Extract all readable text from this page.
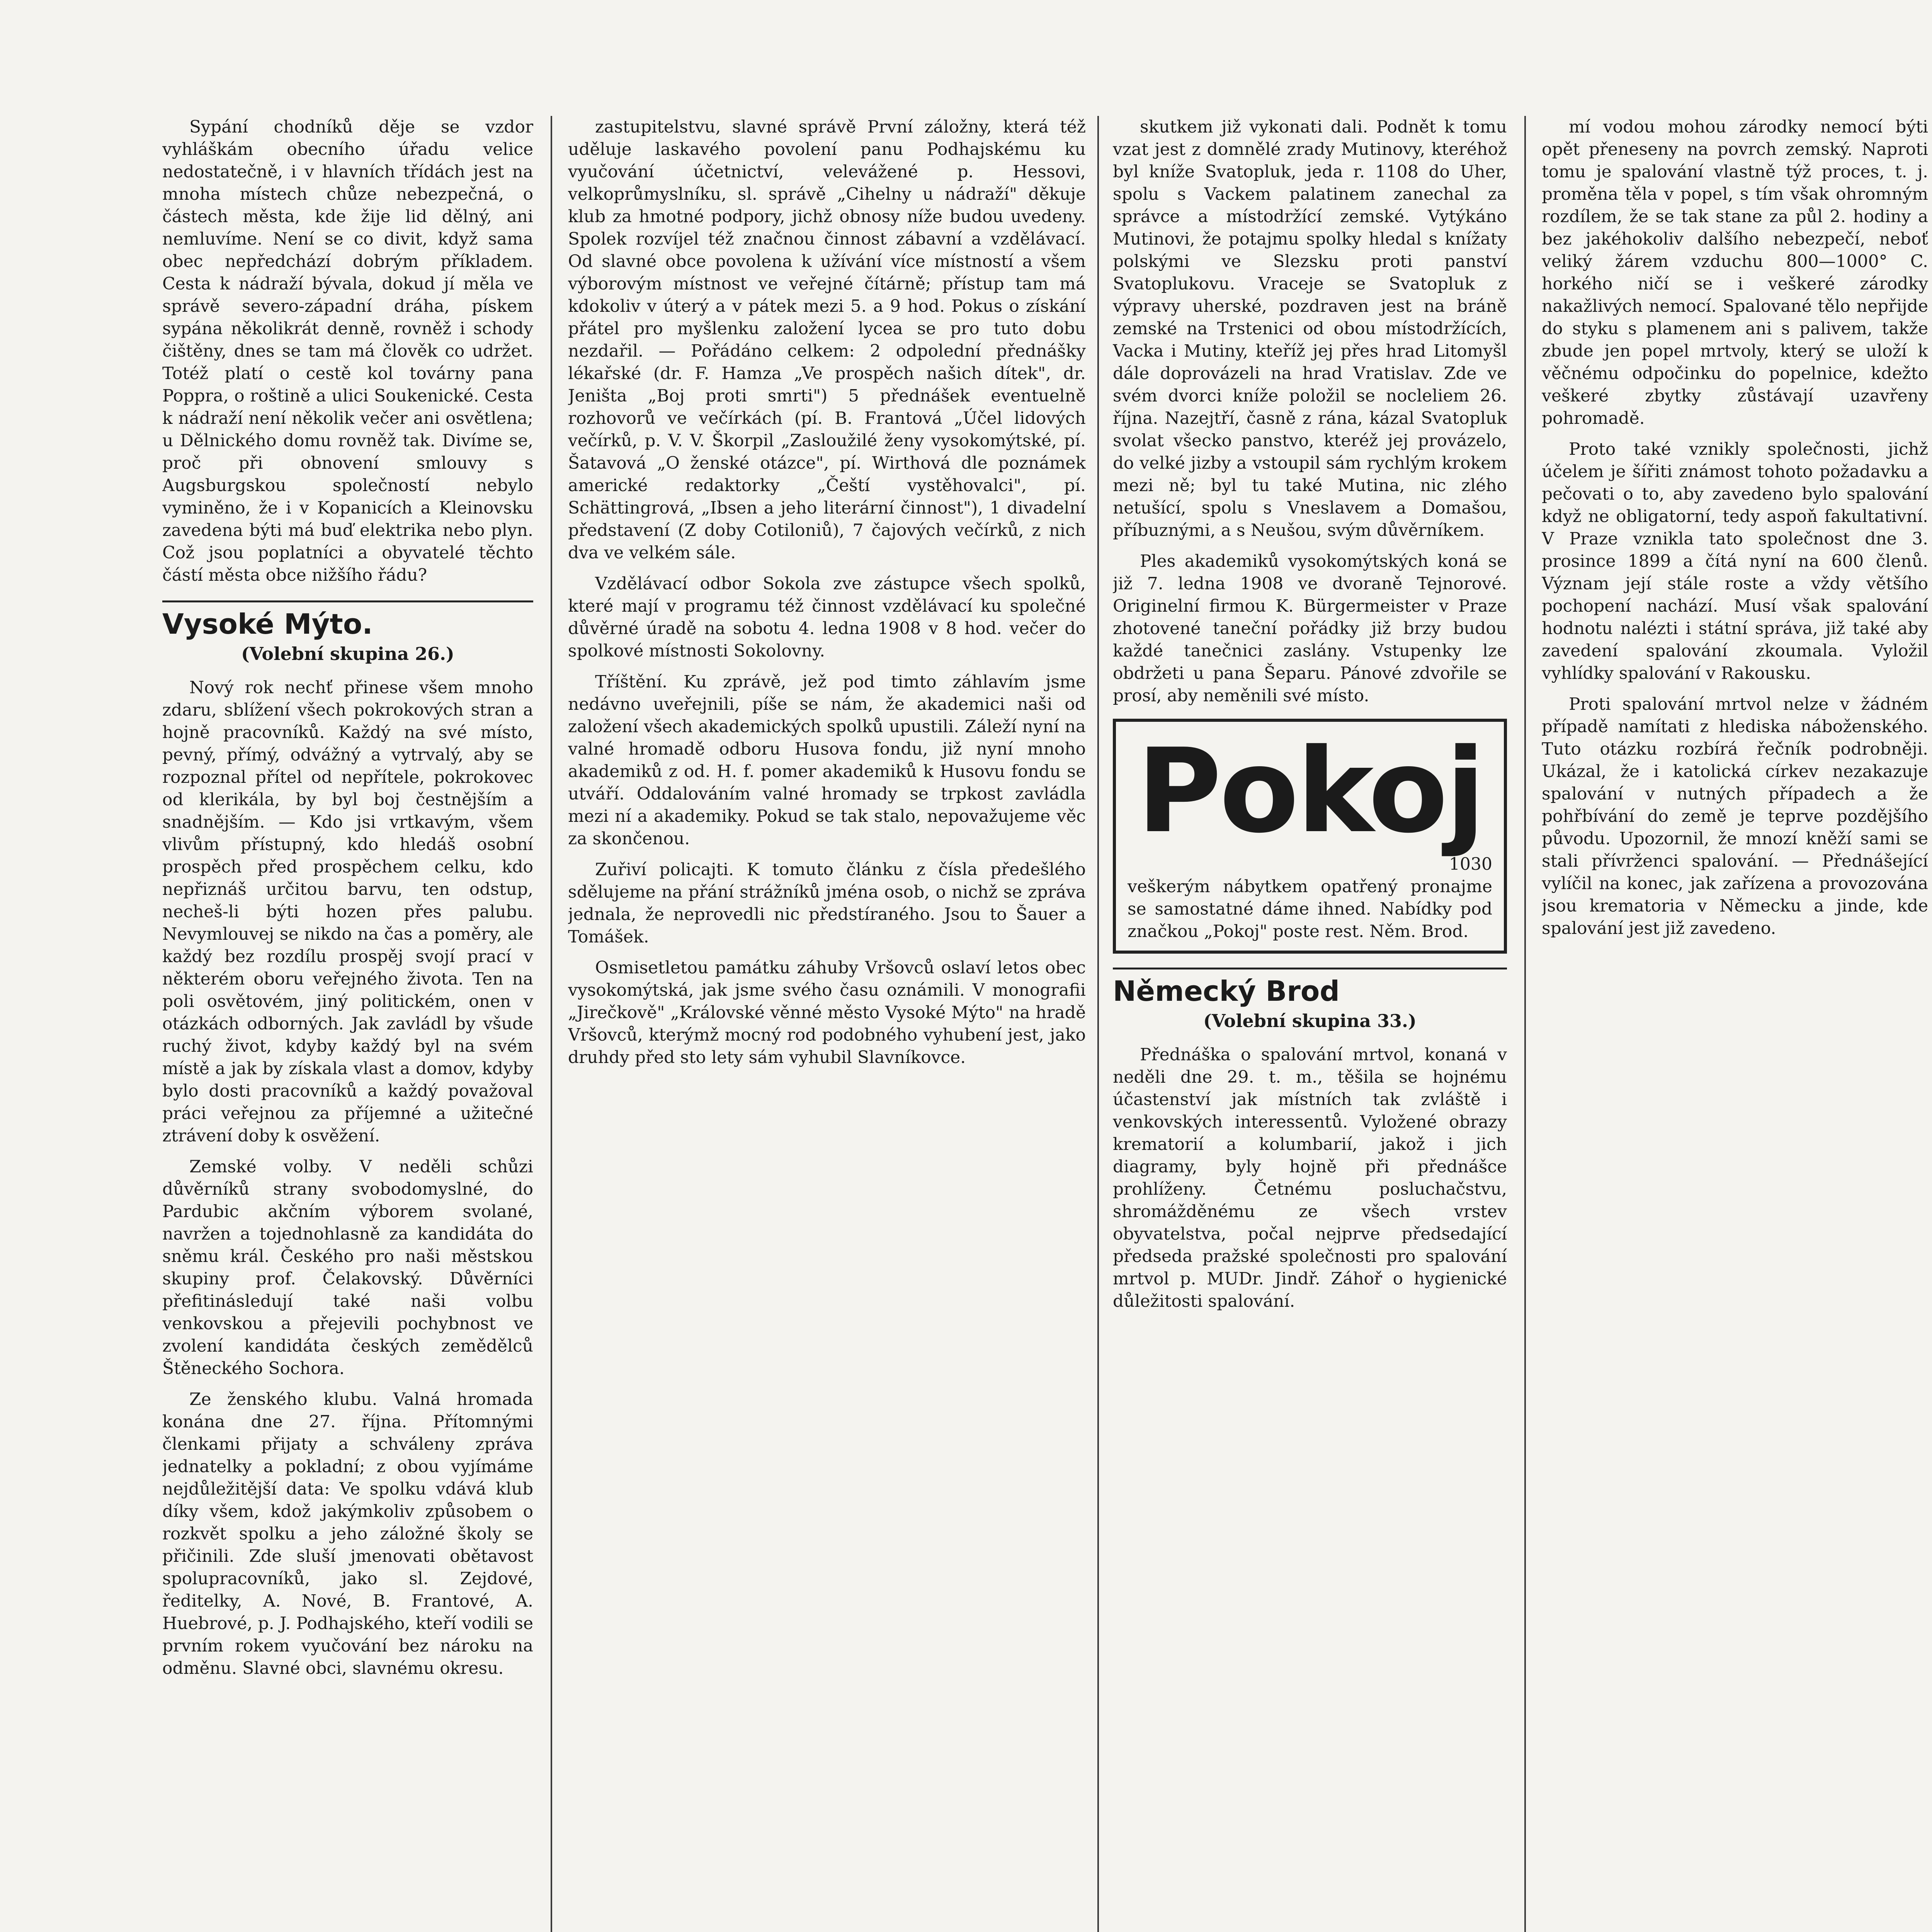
Sypání chodníků děje se vzdor vyhláškám obecního úřadu velice nedostatečně, i v hlavních třídách jest na mnoha místech chůze nebezpečná, o částech města, kde žije lid dělný, ani nemluvíme. Není se co divit, když sama obec nepředchází dobrým příkladem. Cesta k nádraží bývala, dokud jí měla ve správě severo-západní dráha, pískem sypána několikrát denně, rovněž i schody čištěny, dnes se tam má člověk co udržet. Totéž platí o cestě kol továrny pana Poppra, o roštině a ulici Soukenické. Cesta k nádraží není několik večer ani osvětlena; u Dělnického domu rovněž tak. Divíme se, proč při obnovení smlouvy s Augsburgskou společností nebylo vyminěno, že i v Kopanicích a Kleinovsku zavedena býti má buď elektrika nebo plyn. Což jsou poplatníci a obyvatelé těchto částí města obce nižšího řádu?

Vysoké Mýto.
(Volební skupina 26.)

Nový rok nechť přinese všem mnoho zdaru, sblížení všech pokrokových stran a hojně pracovníků. Každý na své místo, pevný, přímý, odvážný a vytrvalý, aby se rozpoznal přítel od nepřítele, pokrokovec od klerikála, by byl boj čestnějším a snadnějším. — Kdo jsi vrtkavým, všem vlivům přístupný, kdo hledáš osobní prospěch před prospěchem celku, kdo nepřiznáš určitou barvu, ten odstup, necheš-li býti hozen přes palubu. Nevymlouvej se nikdo na čas a poměry, ale každý bez rozdílu prospěj svojí prací v některém oboru veřejného života. Ten na poli osvětovém, jiný politickém, onen v otázkách odborných. Jak zavládl by všude ruchý život, kdyby každý byl na svém místě a jak by získala vlast a domov, kdyby bylo dosti pracovníků a každý považoval práci veřejnou za příjemné a užitečné ztrávení doby k osvěžení.

Zemské volby. V neděli schůzi důvěrníků strany svobodomyslné, do Pardubic akčním výborem svolané, navržen a tojednohlasně za kandidáta do sněmu král. Českého pro naši městskou skupiny prof. Čelakovský. Důvěrníci přefitinásledují také naši volbu venkovskou a přejevili pochybnost ve zvolení kandidáta českých zemědělců Štěneckého Sochora.

Ze ženského klubu. Valná hromada konána dne 27. října. Přítomnými členkami přijaty a schváleny zpráva jednatelky a pokladní; z obou vyjímáme nejdůležitější data: Ve spolku vdává klub díky všem, kdož jakýmkoliv způsobem o rozkvět spolku a jeho záložné školy se přičinili. Zde sluší jmenovati obětavost spolupracovníků, jako sl. Zejdové, ředitelky, A. Nové, B. Frantové, A. Huebrové, p. J. Podhajského, kteří vodili se prvním rokem vyučování bez nároku na odměnu. Slavné obci, slavnému okresu.

zastupitelstvu, slavné správě První záložny, která též uděluje laskavého povolení panu Podhajskému ku vyučování účetnictví, velevážené p. Hessovi, velkoprůmyslníku, sl. správě „Cihelny u nádraží" děkuje klub za hmotné podpory, jichž obnosy níže budou uvedeny. Spolek rozvíjel též značnou činnost zábavní a vzdělávací. Od slavné obce povolena k užívání více místností a všem výborovým místnost ve veřejné čítárně; přístup tam má kdokoliv v úterý a v pátek mezi 5. a 9 hod. Pokus o získání přátel pro myšlenku založení lycea se pro tuto dobu nezdařil. — Pořádáno celkem: 2 odpolední přednášky lékařské (dr. F. Hamza „Ve prospěch našich dítek", dr. Jeništa „Boj proti smrti") 5 přednášek eventuelně rozhovorů ve večírkách (pí. B. Frantová „Účel lidových večírků, p. V. V. Škorpil „Zasloužilé ženy vysokomýtské, pí. Šatavová „O ženské otázce", pí. Wirthová dle poznámek americké redaktorky „Čeští vystěhovalci", pí. Schättingrová, „Ibsen a jeho literární činnost"), 1 divadelní představení (Z doby Cotiloniů), 7 čajových večírků, z nich dva ve velkém sále.

Vzdělávací odbor Sokola zve zástupce všech spolků, které mají v programu též činnost vzdělávací ku společné důvěrné úradě na sobotu 4. ledna 1908 v 8 hod. večer do spolkové místnosti Sokolovny.

Tříštění. Ku zprávě, jež pod timto záhlavím jsme nedávno uveřejnili, píše se nám, že akademici naši od založení všech akademických spolků upustili. Záleží nyní na valné hromadě odboru Husova fondu, již nyní mnoho akademiků z od. H. f. pomer akademiků k Husovu fondu se utváří. Oddalováním valné hromady se trpkost zavládla mezi ní a akademiky. Pokud se tak stalo, nepovažujeme věc za skončenou.

Zuřiví policajti. K tomuto článku z čísla předešlého sdělujeme na přání strážníků jména osob, o nichž se zpráva jednala, že neprovedli nic předstíraného. Jsou to Šauer a Tomášek.

Osmisetletou památku záhuby Vršovců oslaví letos obec vysokomýtská, jak jsme svého času oznámili. V monografii „Jirečkově" „Královské věnné město Vysoké Mýto" na hradě Vršovců, kterýmž mocný rod podobného vyhubení jest, jako druhdy před sto lety sám vyhubil Slavníkovce.

skutkem již vykonati dali. Podnět k tomu vzat jest z domnělé zrady Mutinovy, kteréhož byl kníže Svatopluk, jeda r. 1108 do Uher, spolu s Vackem palatinem zanechal za správce a místodržící zemské. Vytýkáno Mutinovi, že potajmu spolky hledal s knížaty polskými ve Slezsku proti panství Svatoplukovu. Vraceje se Svatopluk z výpravy uherské, pozdraven jest na bráně zemské na Trstenici od obou místodržících, Vacka i Mutiny, kteříž jej přes hrad Litomyšl dále doprovázeli na hrad Vratislav. Zde ve svém dvorci kníže položil se nocleliem 26. října. Nazejtří, časně z rána, kázal Svatopluk svolat všecko panstvo, kteréž jej provázelo, do velké jizby a vstoupil sám rychlým krokem mezi ně; byl tu také Mutina, nic zlého netušící, spolu s Vneslavem a Domašou, příbuznými, a s Neušou, svým důvěrníkem.

Ples akademiků vysokomýtských koná se již 7. ledna 1908 ve dvoraně Tejnorové. Originelní firmou K. Bürgermeister v Praze zhotovené taneční pořádky již brzy budou každé tanečnici zaslány. Vstupenky lze obdržeti u pana Šeparu. Pánové zdvořile se prosí, aby neměnili své místo.

Pokoj
1030
veškerým nábytkem opatřený pronajme se samostatné dáme ihned. Nabídky pod značkou „Pokoj" poste rest. Něm. Brod.
Německý Brod
(Volební skupina 33.)

Přednáška o spalování mrtvol, konaná v neděli dne 29. t. m., těšila se hojnému účastenství jak místních tak zvláště i venkovských interessentů. Vyložené obrazy krematorií a kolumbarií, jakož i jich diagramy, byly hojně při přednášce prohlíženy. Četnému posluchačstvu, shromážděnému ze všech vrstev obyvatelstva, počal nejprve předsedající předseda pražské společnosti pro spalování mrtvol p. MUDr. Jindř. Záhoř o hygienické důležitosti spalování.

mí vodou mohou zárodky nemocí býti opět přeneseny na povrch zemský. Naproti tomu je spalování vlastně týž proces, t. j. proměna těla v popel, s tím však ohromným rozdílem, že se tak stane za půl 2. hodiny a bez jakéhokoliv dalšího nebezpečí, neboť veliký žárem vzduchu 800—1000° C. horkého ničí se i veškeré zárodky nakažlivých nemocí. Spalované tělo nepřijde do styku s plamenem ani s palivem, takže zbude jen popel mrtvoly, který se uloží k věčnému odpočinku do popelnice, kdežto veškeré zbytky zůstávají uzavřeny pohromadě.

Proto také vznikly společnosti, jichž účelem je šířiti známost tohoto požadavku a pečovati o to, aby zavedeno bylo spalování když ne obligatorní, tedy aspoň fakultativní. V Praze vznikla tato společnost dne 3. prosince 1899 a čítá nyní na 600 členů. Význam její stále roste a vždy většího pochopení nachází. Musí však spalování hodnotu nalézti i státní správa, již také aby zavedení spalování zkoumala. Vyložil vyhlídky spalování v Rakousku.

Proti spalování mrtvol nelze v žádném případě namítati z hlediska náboženského. Tuto otázku rozbírá řečník podrobněji. Ukázal, že i katolická církev nezakazuje spalování v nutných případech a že pohřbívání do země je teprve pozdějšího původu. Upozornil, že mnozí kněží sami se stali přívrženci spalování. — Přednášející vylíčil na konec, jak zařízena a provozována jsou krematoria v Německu a jinde, kde spalování jest již zavedeno.
